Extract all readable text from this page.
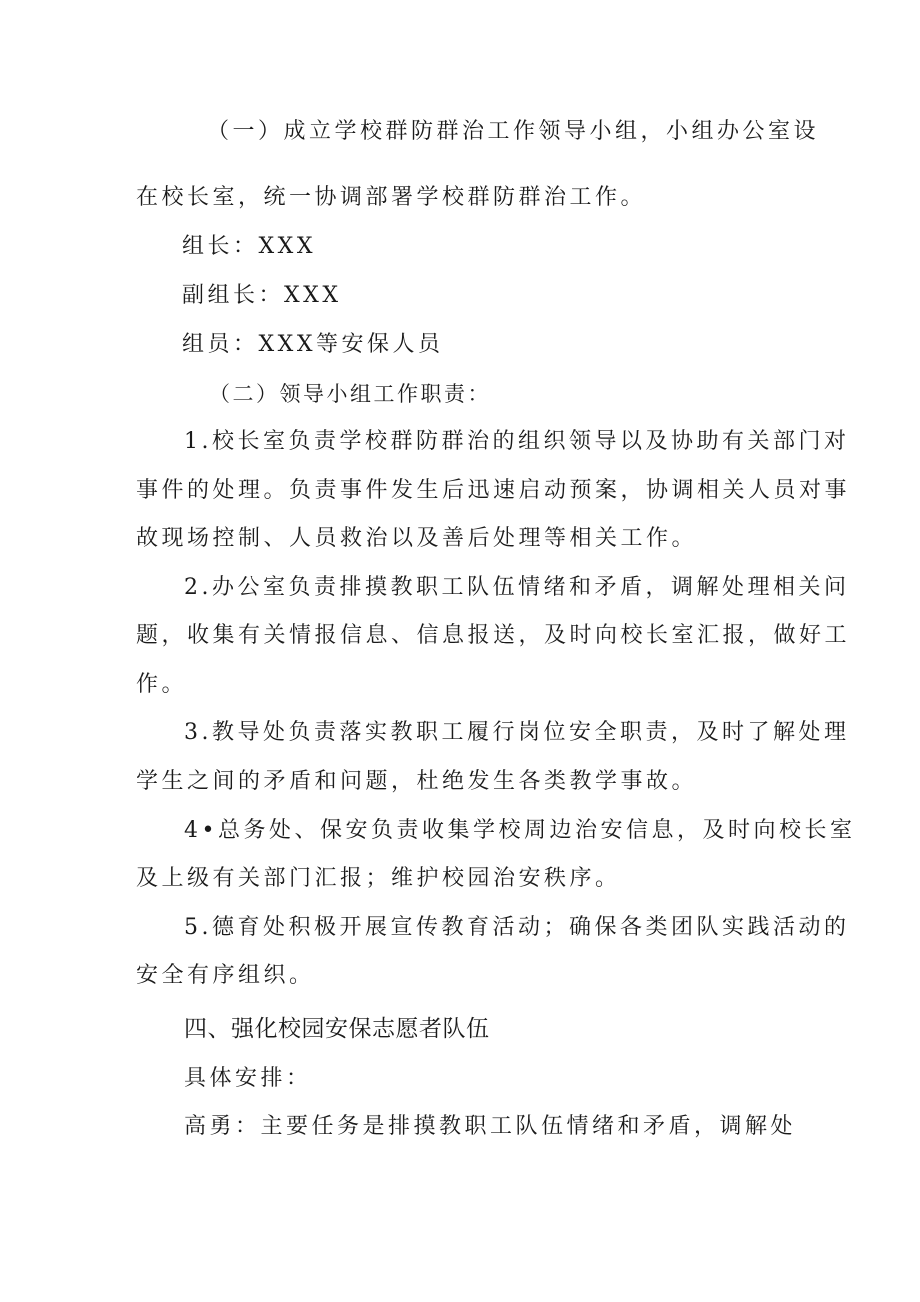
（一）成立学校群防群治工作领导小组，小组办公室设
在校长室，统一协调部署学校群防群治工作。
组长：XXX
副组长：XXX
组员：XXX等安保人员
（二）领导小组工作职责：
1.校长室负责学校群防群治的组织领导以及协助有关部门对
事件的处理。负责事件发生后迅速启动预案，协调相关人员对事
故现场控制、人员救治以及善后处理等相关工作。
2.办公室负责排摸教职工队伍情绪和矛盾，调解处理相关问
题，收集有关情报信息、信息报送，及时向校长室汇报，做好工
作。
3.教导处负责落实教职工履行岗位安全职责，及时了解处理
学生之间的矛盾和问题，杜绝发生各类教学事故。
4•总务处、保安负责收集学校周边治安信息，及时向校长室
及上级有关部门汇报；维护校园治安秩序。
5.德育处积极开展宣传教育活动；确保各类团队实践活动的
安全有序组织。
四、强化校园安保志愿者队伍
具体安排：
高勇：主要任务是排摸教职工队伍情绪和矛盾，调解处
